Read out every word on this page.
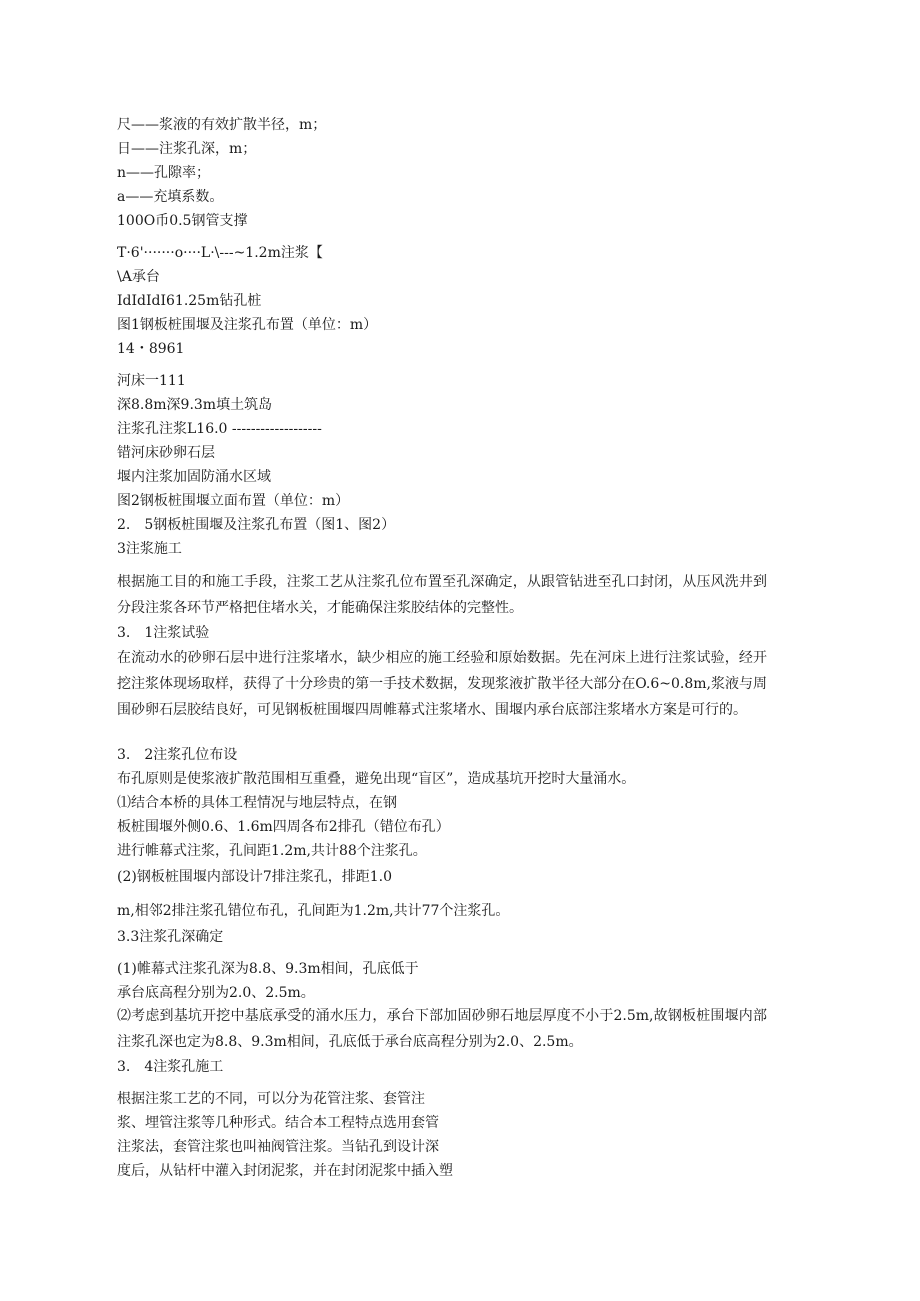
尺——浆液的有效扩散半径，m；

日——注浆孔深，m；

n——孔隙率；

a——充填系数。

100O币0.5钢管支撑

T·6'·······o····L·\---~1.2m注浆【

\A承台

IdIdIdI61.25m钻孔桩

图1钢板桩围堰及注浆孔布置（单位：m）

14・8961

河床一111

深8.8m深9.3m填土筑岛

注浆孔注浆L16.0 -------------------

错河床砂卵石层

堰内注浆加固防涌水区域

图2钢板桩围堰立面布置（单位：m）

2.　5钢板桩围堰及注浆孔布置（图1、图2）

3注浆施工

根据施工目的和施工手段，注浆工艺从注浆孔位布置至孔深确定，从跟管钻进至孔口封闭，从压风洗井到分段注浆各环节严格把住堵水关，才能确保注浆胶结体的完整性。

3.　1注浆试验

在流动水的砂卵石层中进行注浆堵水，缺少相应的施工经验和原始数据。先在河床上进行注浆试验，经开挖注浆体现场取样，获得了十分珍贵的第一手技术数据，发现浆液扩散半径大部分在O.6~0.8m,浆液与周围砂卵石层胶结良好，可见钢板桩围堰四周帷幕式注浆堵水、围堰内承台底部注浆堵水方案是可行的。

3.　2注浆孔位布设

布孔原则是使浆液扩散范围相互重叠，避免出现“盲区”，造成基坑开挖时大量涌水。

⑴结合本桥的具体工程情况与地层特点，在钢

板桩围堰外侧0.6、1.6m四周各布2排孔（错位布孔）

进行帷幕式注浆，孔间距1.2m,共计88个注浆孔。

(2)钢板桩围堰内部设计7排注浆孔，排距1.0

m,相邻2排注浆孔错位布孔，孔间距为1.2m,共计77个注浆孔。

3.3注浆孔深确定

(1)帷幕式注浆孔深为8.8、9.3m相间，孔底低于

承台底高程分别为2.0、2.5m。

⑵考虑到基坑开挖中基底承受的涌水压力，承台下部加固砂卵石地层厚度不小于2.5m,故钢板桩围堰内部注浆孔深也定为8.8、9.3m相间，孔底低于承台底高程分别为2.0、2.5m。

3.　4注浆孔施工

根据注浆工艺的不同，可以分为花管注浆、套管注

浆、埋管注浆等几种形式。结合本工程特点选用套管

注浆法，套管注浆也叫袖阀管注浆。当钻孔到设计深

度后，从钻杆中灌入封闭泥浆，并在封闭泥浆中插入塑
